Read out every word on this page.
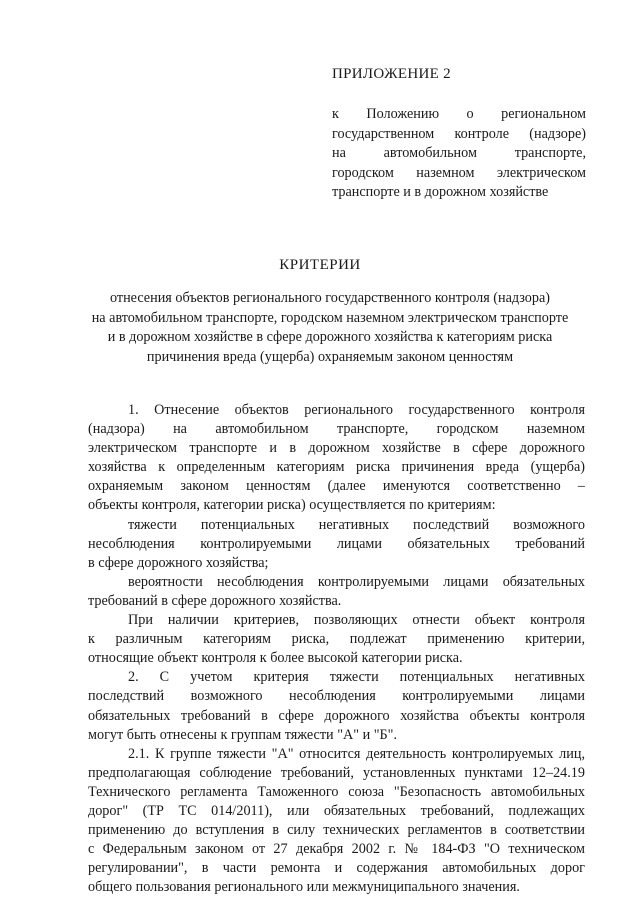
ПРИЛОЖЕНИЕ 2
к Положению о региональном
государственном контроле (надзоре)
на автомобильном транспорте,
городском наземном электрическом
транспорте и в дорожном хозяйстве
КРИТЕРИИ
отнесения объектов регионального государственного контроля (надзора)
на автомобильном транспорте, городском наземном электрическом транспорте
и в дорожном хозяйстве в сфере дорожного хозяйства к категориям риска
причинения вреда (ущерба) охраняемым законом ценностям
1. Отнесение объектов регионального государственного контроля
(надзора) на автомобильном транспорте, городском наземном
электрическом транспорте и в дорожном хозяйстве в сфере дорожного
хозяйства к определенным категориям риска причинения вреда (ущерба)
охраняемым законом ценностям (далее именуются соответственно –
объекты контроля, категории риска) осуществляется по критериям:
тяжести потенциальных негативных последствий возможного
несоблюдения контролируемыми лицами обязательных требований
в сфере дорожного хозяйства;
вероятности несоблюдения контролируемыми лицами обязательных
требований в сфере дорожного хозяйства.
При наличии критериев, позволяющих отнести объект контроля
к различным категориям риска, подлежат применению критерии,
относящие объект контроля к более высокой категории риска.
2. С учетом критерия тяжести потенциальных негативных
последствий возможного несоблюдения контролируемыми лицами
обязательных требований в сфере дорожного хозяйства объекты контроля
могут быть отнесены к группам тяжести "А" и "Б".
2.1. К группе тяжести "А" относится деятельность контролируемых лиц,
предполагающая соблюдение требований, установленных пунктами 12–24.19
Технического регламента Таможенного союза "Безопасность автомобильных
дорог" (ТР ТС 014/2011), или обязательных требований, подлежащих
применению до вступления в силу технических регламентов в соответствии
с Федеральным законом от 27 декабря 2002 г. № 184-ФЗ "О техническом
регулировании", в части ремонта и содержания автомобильных дорог
общего пользования регионального или межмуниципального значения.
